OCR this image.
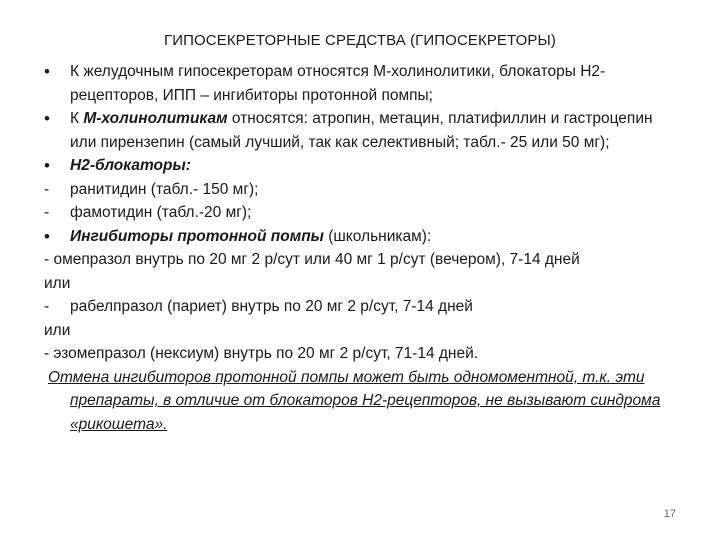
ГИПОСЕКРЕТОРНЫЕ СРЕДСТВА (ГИПОСЕКРЕТОРЫ)
•	К желудочным гипосекреторам относятся М-холинолитики, блокаторы Н2-рецепторов, ИПП – ингибиторы протонной помпы;
•	К М-холинолитикам относятся: атропин, метацин, платифиллин и гастроцепин или пирензепин (самый лучший, так как селективный; табл.- 25 или 50 мг);
•	Н2-блокаторы:
-	ранитидин (табл.- 150 мг);
-	фамотидин (табл.-20 мг);
•	Ингибиторы протонной помпы (школьникам):
- омепразол внутрь по 20 мг 2 р/сут или 40 мг 1 р/сут (вечером), 7-14 дней
или
-	рабелпразол (париет) внутрь по 20 мг 2 р/сут, 7-14 дней
или
- эзомепразол (нексиум) внутрь по 20 мг 2 р/сут, 71-14 дней.
Отмена ингибиторов протонной помпы может быть одномоментной, т.к. эти препараты, в отличие от блокаторов Н2-рецепторов, не вызывают синдрома «рикошета».
17
